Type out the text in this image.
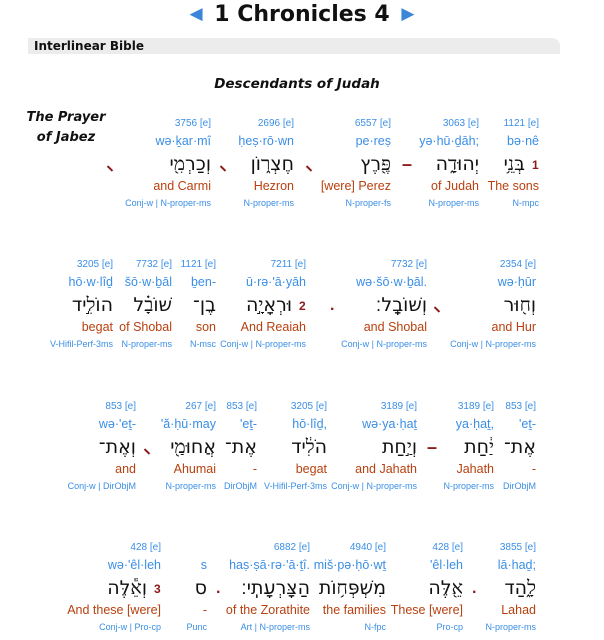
◀ 1 Chronicles 4 ▶
Interlinear Bible
Descendants of Judah
The Prayer of Jabez
1121 [e]
bə·nê
בְּנֵ֥י
The sons
N-mpc
1
3063 [e]
yə·hū·ḏāh;
יְהוּדָ֑ה
of Judah
N-proper-ms
–
6557 [e]
pe·reṣ
פֶּ֖רֶץ
[were] Perez
N-proper-fs
2696 [e]
ḥeṣ·rō·wn
חֶצְר֑וֹן
Hezron
N-proper-ms
3756 [e]
wə·ḵar·mî
וְכַרְמִ֖י
and Carmi
Conj-w | N-proper-ms
2354 [e]
wə·ḥūr
וְח֖וּר
and Hur
Conj-w | N-proper-ms
7732 [e]
wə·šō·w·ḇāl.
וְשׁוֹבָֽל׃
and Shobal
Conj-w | N-proper-ms
.
7211 [e]
ū·rə·'ā·yāh
וּרְאָיָ֣ה
And Reaiah
Conj-w | N-proper-ms
2
1121 [e]
ḇen-
בֶן־
son
N-msc
7732 [e]
šō·w·ḇāl
שׁוֹבָ֗ל
of Shobal
N-proper-ms
3205 [e]
hō·w·lîḏ
הוֹלִ֣יד
begat
V-Hifil-Perf-3ms
853 [e]
'eṯ-
אֶת־
-
DirObjM
3189 [e]
ya·ḥaṯ,
יַ֔חַת
Jahath
N-proper-ms
–
3189 [e]
wə·ya·ḥaṯ
וְיַ֣חַת
and Jahath
Conj-w | N-proper-ms
3205 [e]
hō·lîḏ,
הֹלִ֔יד
begat
V-Hifil-Perf-3ms
853 [e]
'eṯ-
אֶת־
-
DirObjM
267 [e]
'ă·ḥū·may
אֲחוּמַ֖י
Ahumai
N-proper-ms
853 [e]
wə·'eṯ-
וְאֶת־
and
Conj-w | DirObjM
3855 [e]
lā·haḏ;
לָ֑הַד
Lahad
N-proper-ms
.
428 [e]
'êl·leh
אֵ֖לֶּה
These [were]
Pro-cp
4940 [e]
miš·pə·ḥō·wṯ
מִשְׁפְּח֥וֹת
the families
N-fpc
6882 [e]
haṣ·ṣā·rə·'ā·ṯî.
הַצָּרְעָתִֽי׃
of the Zorathite
Art | N-proper-ms
.
s
ס
-
Punc
428 [e]
wə·'êl·leh
וְאֵ֕לֶּה
And these [were]
Conj-w | Pro-cp
3
